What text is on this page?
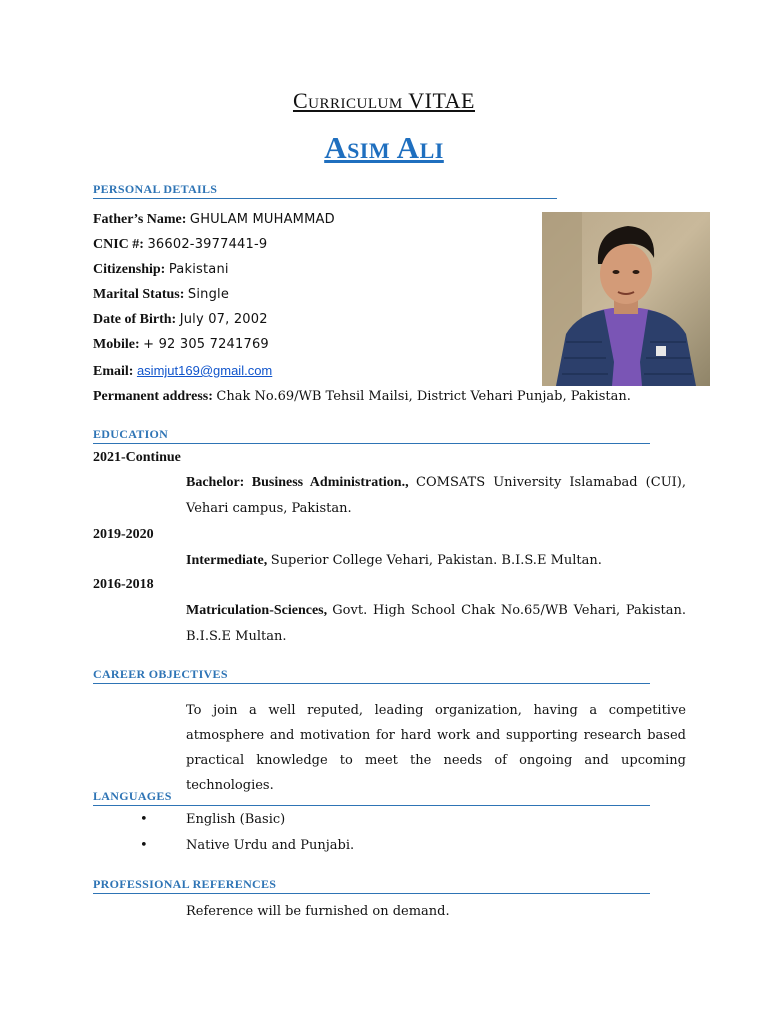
Curriculum VITAE
Asim Ali
PERSONAL DETAILS
Father’s Name: GHULAM MUHAMMAD
CNIC #: 36602-3977441-9
Citizenship: Pakistani
Marital Status: Single
Date of Birth: July 07, 2002
Mobile: + 92 305 7241769
Email: asimjut169@gmail.com
Permanent address: Chak No.69/WB Tehsil Mailsi, District Vehari Punjab, Pakistan.
EDUCATION
2021-Continue
Bachelor: Business Administration., COMSATS University Islamabad (CUI), Vehari campus, Pakistan.
2019-2020
Intermediate, Superior College Vehari, Pakistan. B.I.S.E Multan.
2016-2018
Matriculation-Sciences, Govt. High School Chak No.65/WB Vehari, Pakistan. B.I.S.E Multan.
CAREER OBJECTIVES
To join a well reputed, leading organization, having a competitive atmosphere and motivation for hard work and supporting research based practical knowledge to meet the needs of ongoing and upcoming technologies.
LANGUAGES
•	English (Basic)
•	Native Urdu and Punjabi.
PROFESSIONAL REFERENCES
Reference will be furnished on demand.
